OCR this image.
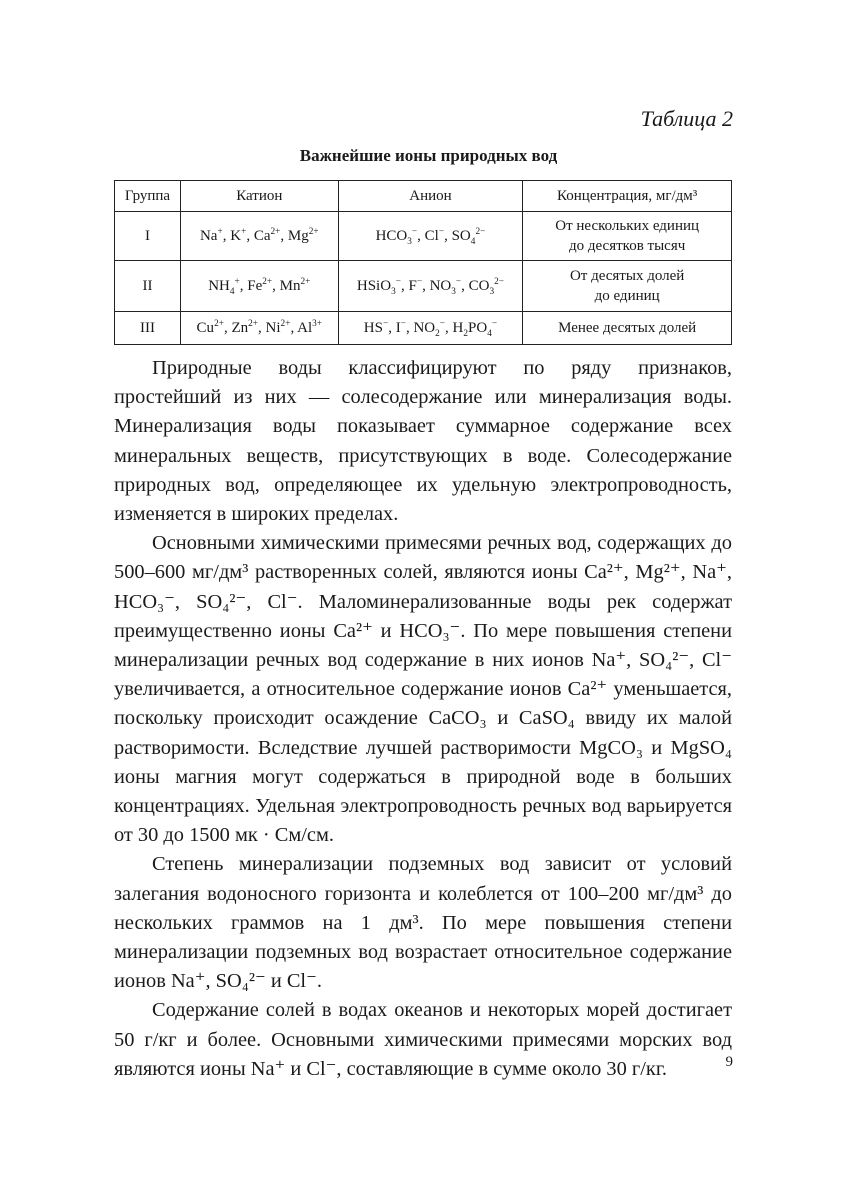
Таблица 2
Важнейшие ионы природных вод
Группа	Катион	Анион	Концентрация, мг/дм³
I	Na+, K+, $Ca^{2+}$, $Mg^{2+}$	$HCO_3^-$, Cl−, $SO_4^{2-}$	От нескольких единиц
до десятков тысяч
II	$NH_4^+$, $Fe^{2+}$, $Mn^{2+}$	HSiO$_3$−, F−, $NO_3^-$, $CO_3^{2-}$	От десятых долей
до единиц
III	$Cu^{2+}$, $Zn^{2+}$, $Ni^{2+}$, $Al^{3+}$	HS−, I−, $NO_2^-$, $H_2PO_4^-$	Менее десятых долей

Природные воды классифицируют по ряду признаков, простейший из них — солесодержание или минерализация воды. Минерализация воды показывает суммарное содержание всех минеральных веществ, присутствующих в воде. Солесодержание природных вод, определяющее их удельную электропроводность, изменяется в широких пределах.

Основными химическими примесями речных вод, содержащих до 500–600 мг/дм³ растворенных солей, являются ионы Ca²⁺, Mg²⁺, Na⁺, HCO₃⁻, SO₄²⁻, Cl⁻. Маломинерализованные воды рек содержат преимущественно ионы Ca²⁺ и HCO₃⁻. По мере повышения степени минерализации речных вод содержание в них ионов Na⁺, SO₄²⁻, Cl⁻ увеличивается, а относительное содержание ионов Ca²⁺ уменьшается, поскольку происходит осаждение CaCO₃ и CaSO₄ ввиду их малой растворимости. Вследствие лучшей растворимости MgCO₃ и MgSO₄ ионы магния могут содержаться в природной воде в больших концентрациях. Удельная электропроводность речных вод варьируется от 30 до 1500 мк · См/см.

Степень минерализации подземных вод зависит от условий залегания водоносного горизонта и колеблется от 100–200 мг/дм³ до нескольких граммов на 1 дм³. По мере повышения степени минерализации подземных вод возрастает относительное содержание ионов Na⁺, SO₄²⁻ и Cl⁻.

Содержание солей в водах океанов и некоторых морей достигает 50 г/кг и более. Основными химическими примесями морских вод являются ионы Na⁺ и Cl⁻, составляющие в сумме около 30 г/кг.	9
